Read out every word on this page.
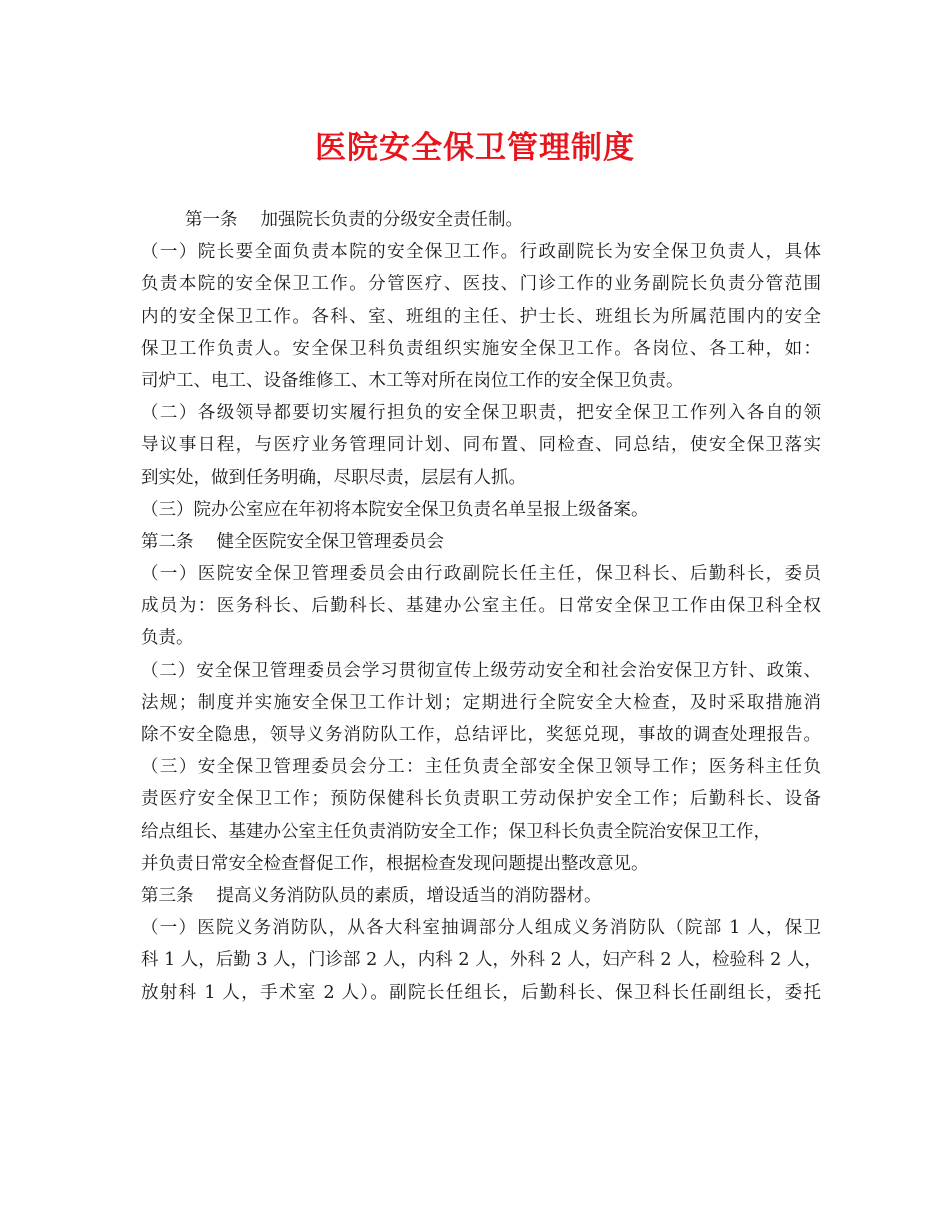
医院安全保卫管理制度
第一条　 加强院长负责的分级安全责任制。
（一）院长要全面负责本院的安全保卫工作。行政副院长为安全保卫负责人，具体
负责本院的安全保卫工作。分管医疗、医技、门诊工作的业务副院长负责分管范围
内的安全保卫工作。各科、室、班组的主任、护士长、班组长为所属范围内的安全
保卫工作负责人。安全保卫科负责组织实施安全保卫工作。各岗位、各工种，如：
司炉工、电工、设备维修工、木工等对所在岗位工作的安全保卫负责。
（二）各级领导都要切实履行担负的安全保卫职责，把安全保卫工作列入各自的领
导议事日程，与医疗业务管理同计划、同布置、同检查、同总结，使安全保卫落实
到实处，做到任务明确，尽职尽责，层层有人抓。
（三）院办公室应在年初将本院安全保卫负责名单呈报上级备案。
第二条　 健全医院安全保卫管理委员会
（一）医院安全保卫管理委员会由行政副院长任主任，保卫科长、后勤科长，委员
成员为：医务科长、后勤科长、基建办公室主任。日常安全保卫工作由保卫科全权
负责。
（二）安全保卫管理委员会学习贯彻宣传上级劳动安全和社会治安保卫方针、政策、
法规；制度并实施安全保卫工作计划；定期进行全院安全大检查，及时采取措施消
除不安全隐患，领导义务消防队工作，总结评比，奖惩兑现，事故的调查处理报告。
（三）安全保卫管理委员会分工：主任负责全部安全保卫领导工作；医务科主任负
责医疗安全保卫工作；预防保健科长负责职工劳动保护安全工作；后勤科长、设备
给点组长、基建办公室主任负责消防安全工作；保卫科长负责全院治安保卫工作，
并负责日常安全检查督促工作，根据检查发现问题提出整改意见。
第三条　 提高义务消防队员的素质，增设适当的消防器材。
（一）医院义务消防队，从各大科室抽调部分人组成义务消防队（院部 1 人，保卫
科 1 人，后勤 3 人，门诊部 2 人，内科 2 人，外科 2 人，妇产科 2 人，检验科 2 人，
放射科 1 人，手术室 2 人）。副院长任组长，后勤科长、保卫科长任副组长，委托
